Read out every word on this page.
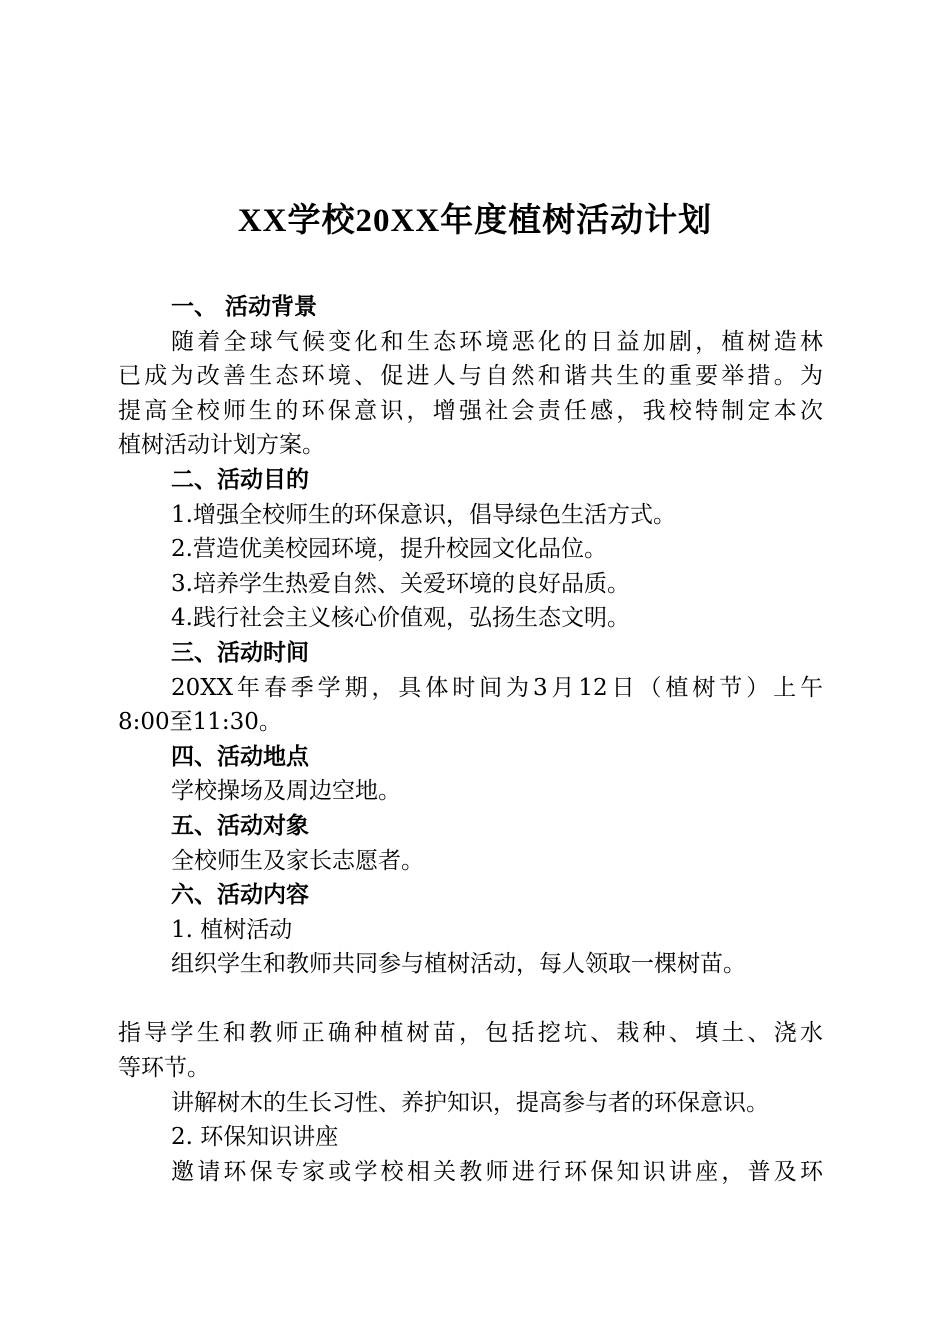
XX学校20XX年度植树活动计划
一、 活动背景
随着全球气候变化和生态环境恶化的日益加剧，植树造林
已成为改善生态环境、促进人与自然和谐共生的重要举措。为
提高全校师生的环保意识，增强社会责任感，我校特制定本次
植树活动计划方案。
二、活动目的
1.增强全校师生的环保意识，倡导绿色生活方式。
2.营造优美校园环境，提升校园文化品位。
3.培养学生热爱自然、关爱环境的良好品质。
4.践行社会主义核心价值观，弘扬生态文明。
三、活动时间
20XX年春季学期，具体时间为3月12日（植树节）上午
8:00至11:30。
四、活动地点
学校操场及周边空地。
五、活动对象
全校师生及家长志愿者。
六、活动内容
1. 植树活动
组织学生和教师共同参与植树活动，每人领取一棵树苗。
指导学生和教师正确种植树苗，包括挖坑、栽种、填土、浇水
等环节。
讲解树木的生长习性、养护知识，提高参与者的环保意识。
2. 环保知识讲座
邀请环保专家或学校相关教师进行环保知识讲座，普及环
